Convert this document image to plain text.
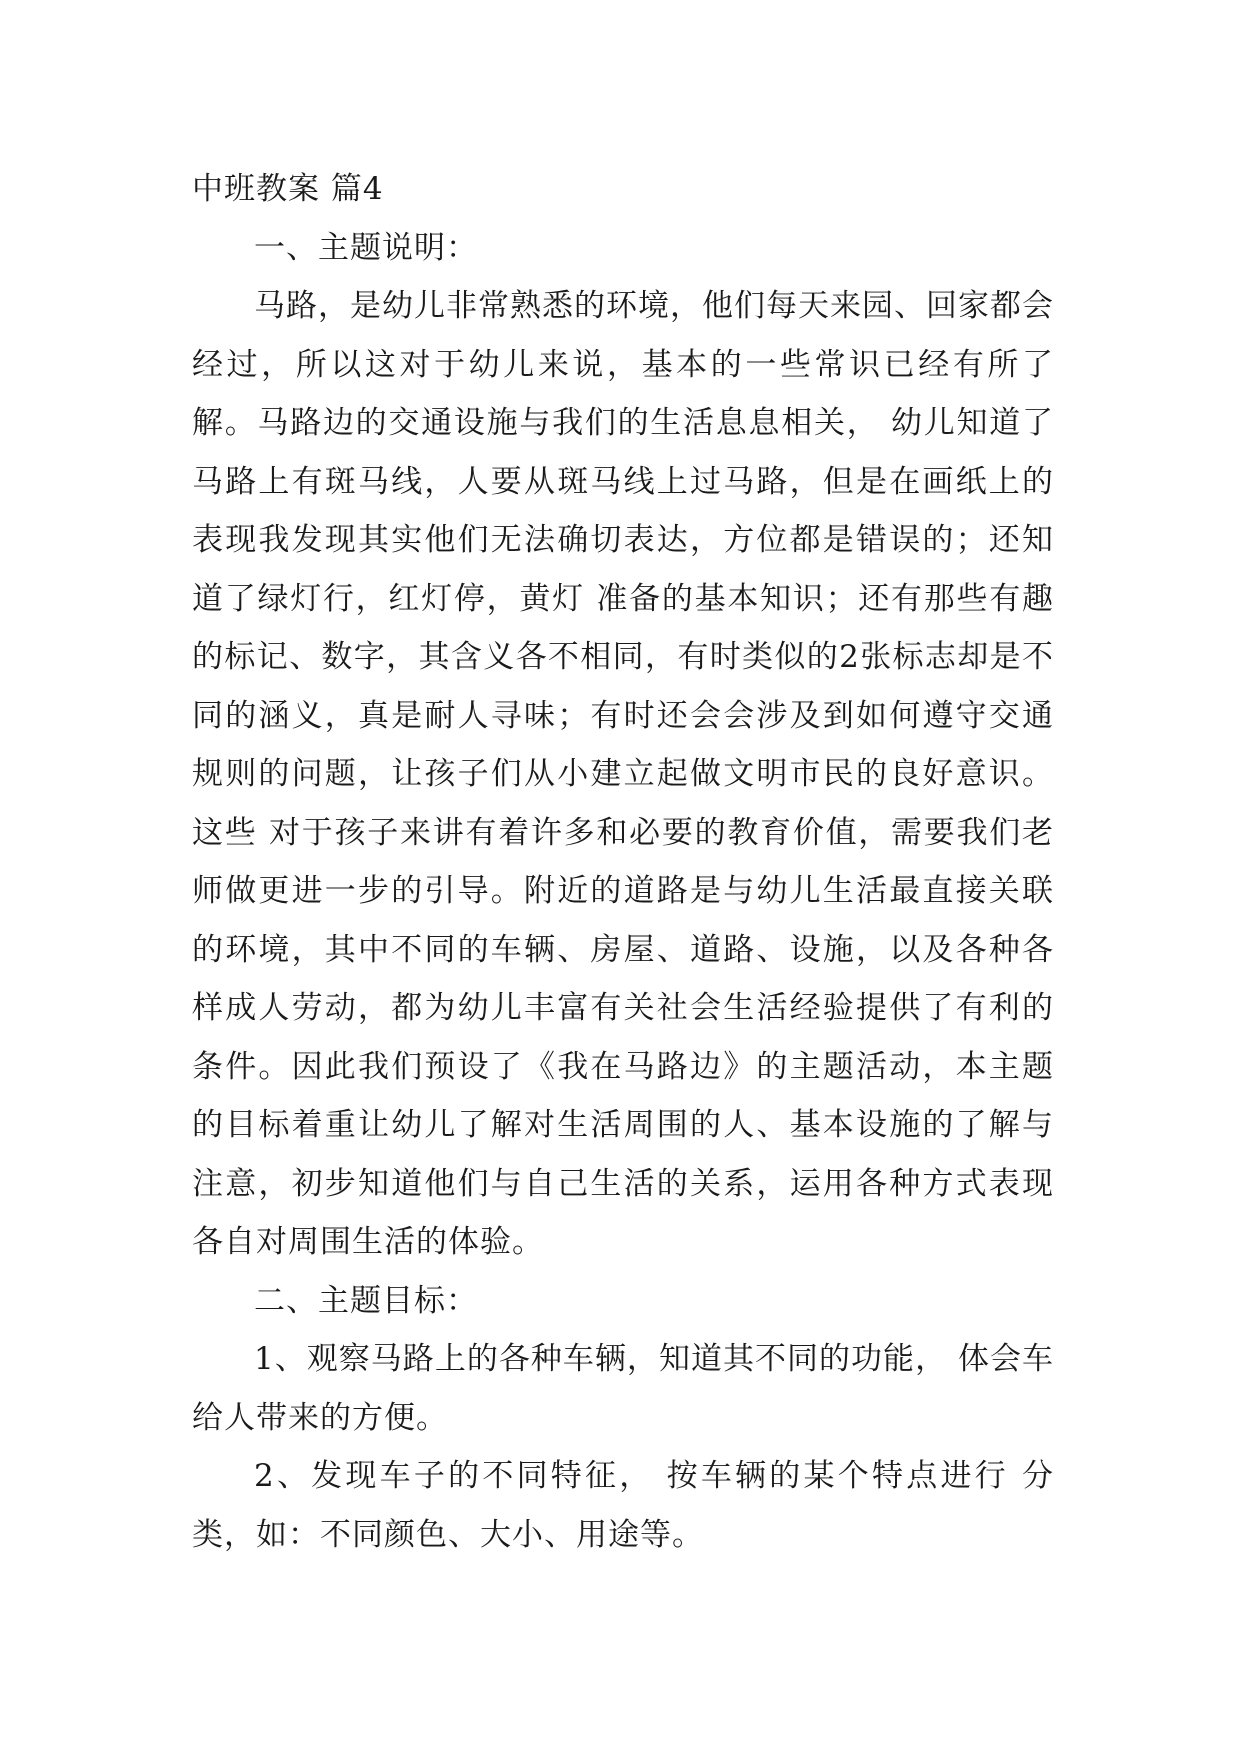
中班教案 篇4

一、主题说明：

马路，是幼儿非常熟悉的环境，他们每天来园、回家都会经过，所以这对于幼儿来说，基本的一些常识已经有所了解。马路边的交通设施与我们的生活息息相关， 幼儿知道了马路上有斑马线，人要从斑马线上过马路，但是在画纸上的表现我发现其实他们无法确切表达，方位都是错误的；还知道了绿灯行，红灯停，黄灯 准备的基本知识；还有那些有趣的标记、数字，其含义各不相同，有时类似的2张标志却是不同的涵义，真是耐人寻味；有时还会会涉及到如何遵守交通规则的问题，让孩子们从小建立起做文明市民的良好意识。这些 对于孩子来讲有着许多和必要的教育价值，需要我们老师做更进一步的引导。附近的道路是与幼儿生活最直接关联的环境，其中不同的车辆、房屋、道路、设施，以及各种各样成人劳动，都为幼儿丰富有关社会生活经验提供了有利的条件。因此我们预设了《我在马路边》的主题活动，本主题的目标着重让幼儿了解对生活周围的人、基本设施的了解与注意，初步知道他们与自己生活的关系，运用各种方式表现各自对周围生活的体验。

二、主题目标：

1、观察马路上的各种车辆，知道其不同的功能， 体会车给人带来的方便。

2、发现车子的不同特征， 按车辆的某个特点进行 分类，如：不同颜色、大小、用途等。
